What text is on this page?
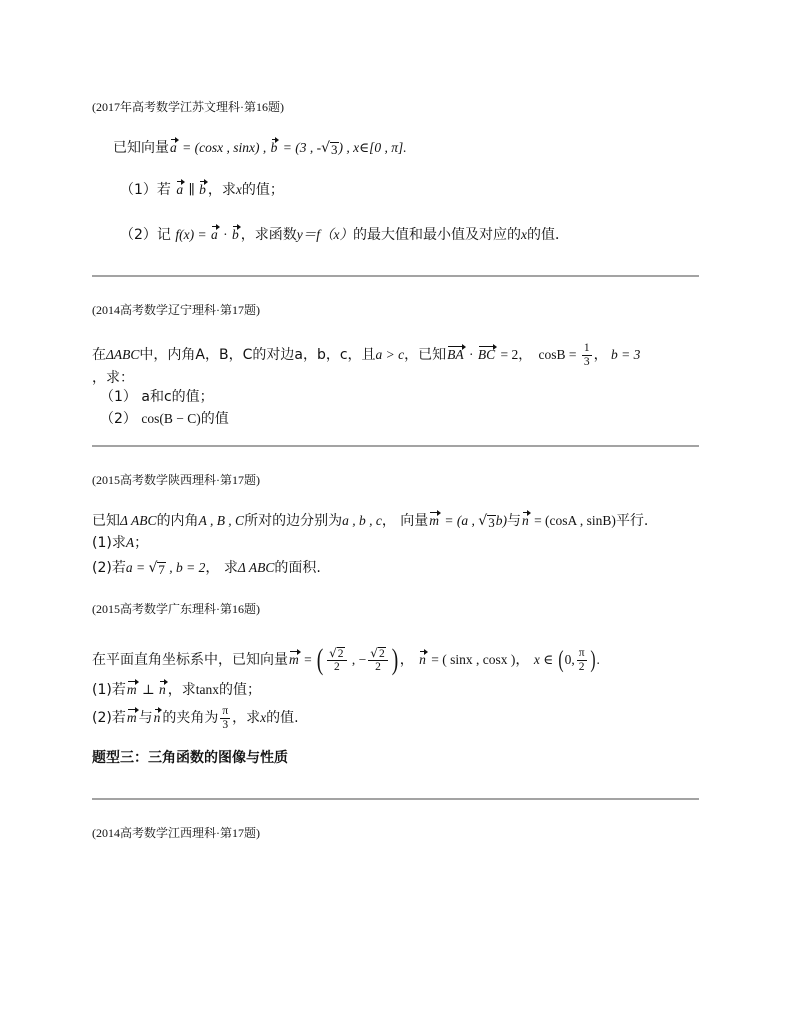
(2017年高考数学江苏文理科·第16题)
已知向量 a = (cosx , sinx) , b = (3 , - √ 3 ) , x∈[0 , π].
（1）若 a ∥ b ，求 x 的值；
（2）记 f(x) = a · b ，求函数 y＝f（x） 的最大值和最小值及对应的 x 的值．
(2014高考数学辽宁理科·第17题)
在 ΔABC 中，内角A，B，C的对边a，b，c，且 a > c ，已知 BA · BC = 2， $\cos B = \frac{1}{3}$ ， b = 3
，求：
（1） a和c的值；
（2） cos(B − C) 的值
(2015高考数学陕西理科·第17题)
已知 Δ ABC 的内角 A , B , C 所对的边分别为 a , b , c ， 向量 m = (a , √ 3 b) 与 n = (cosA , sinB) 平行.
(1)求 A ；
(2)若 a = √ 7 , b = 2 ， 求 Δ ABC 的面积.
(2015高考数学广东理科·第16题)
在平面直角坐标系中，已知向量 m = ( $\frac{√ 2}{2}$ , − $\frac{√ 2}{2}$ ) ， n = ( sinx , cosx ) ， x ∈ ( 0, $\frac{\pi}{2}$ ) .
(1)若 m ⊥ n ，求 tanx 的值；
(2)若 m 与 n 的夹角为 $\frac{\pi}{3}$ ，求 x 的值.
题型三：三角函数的图像与性质
(2014高考数学江西理科·第17题)
